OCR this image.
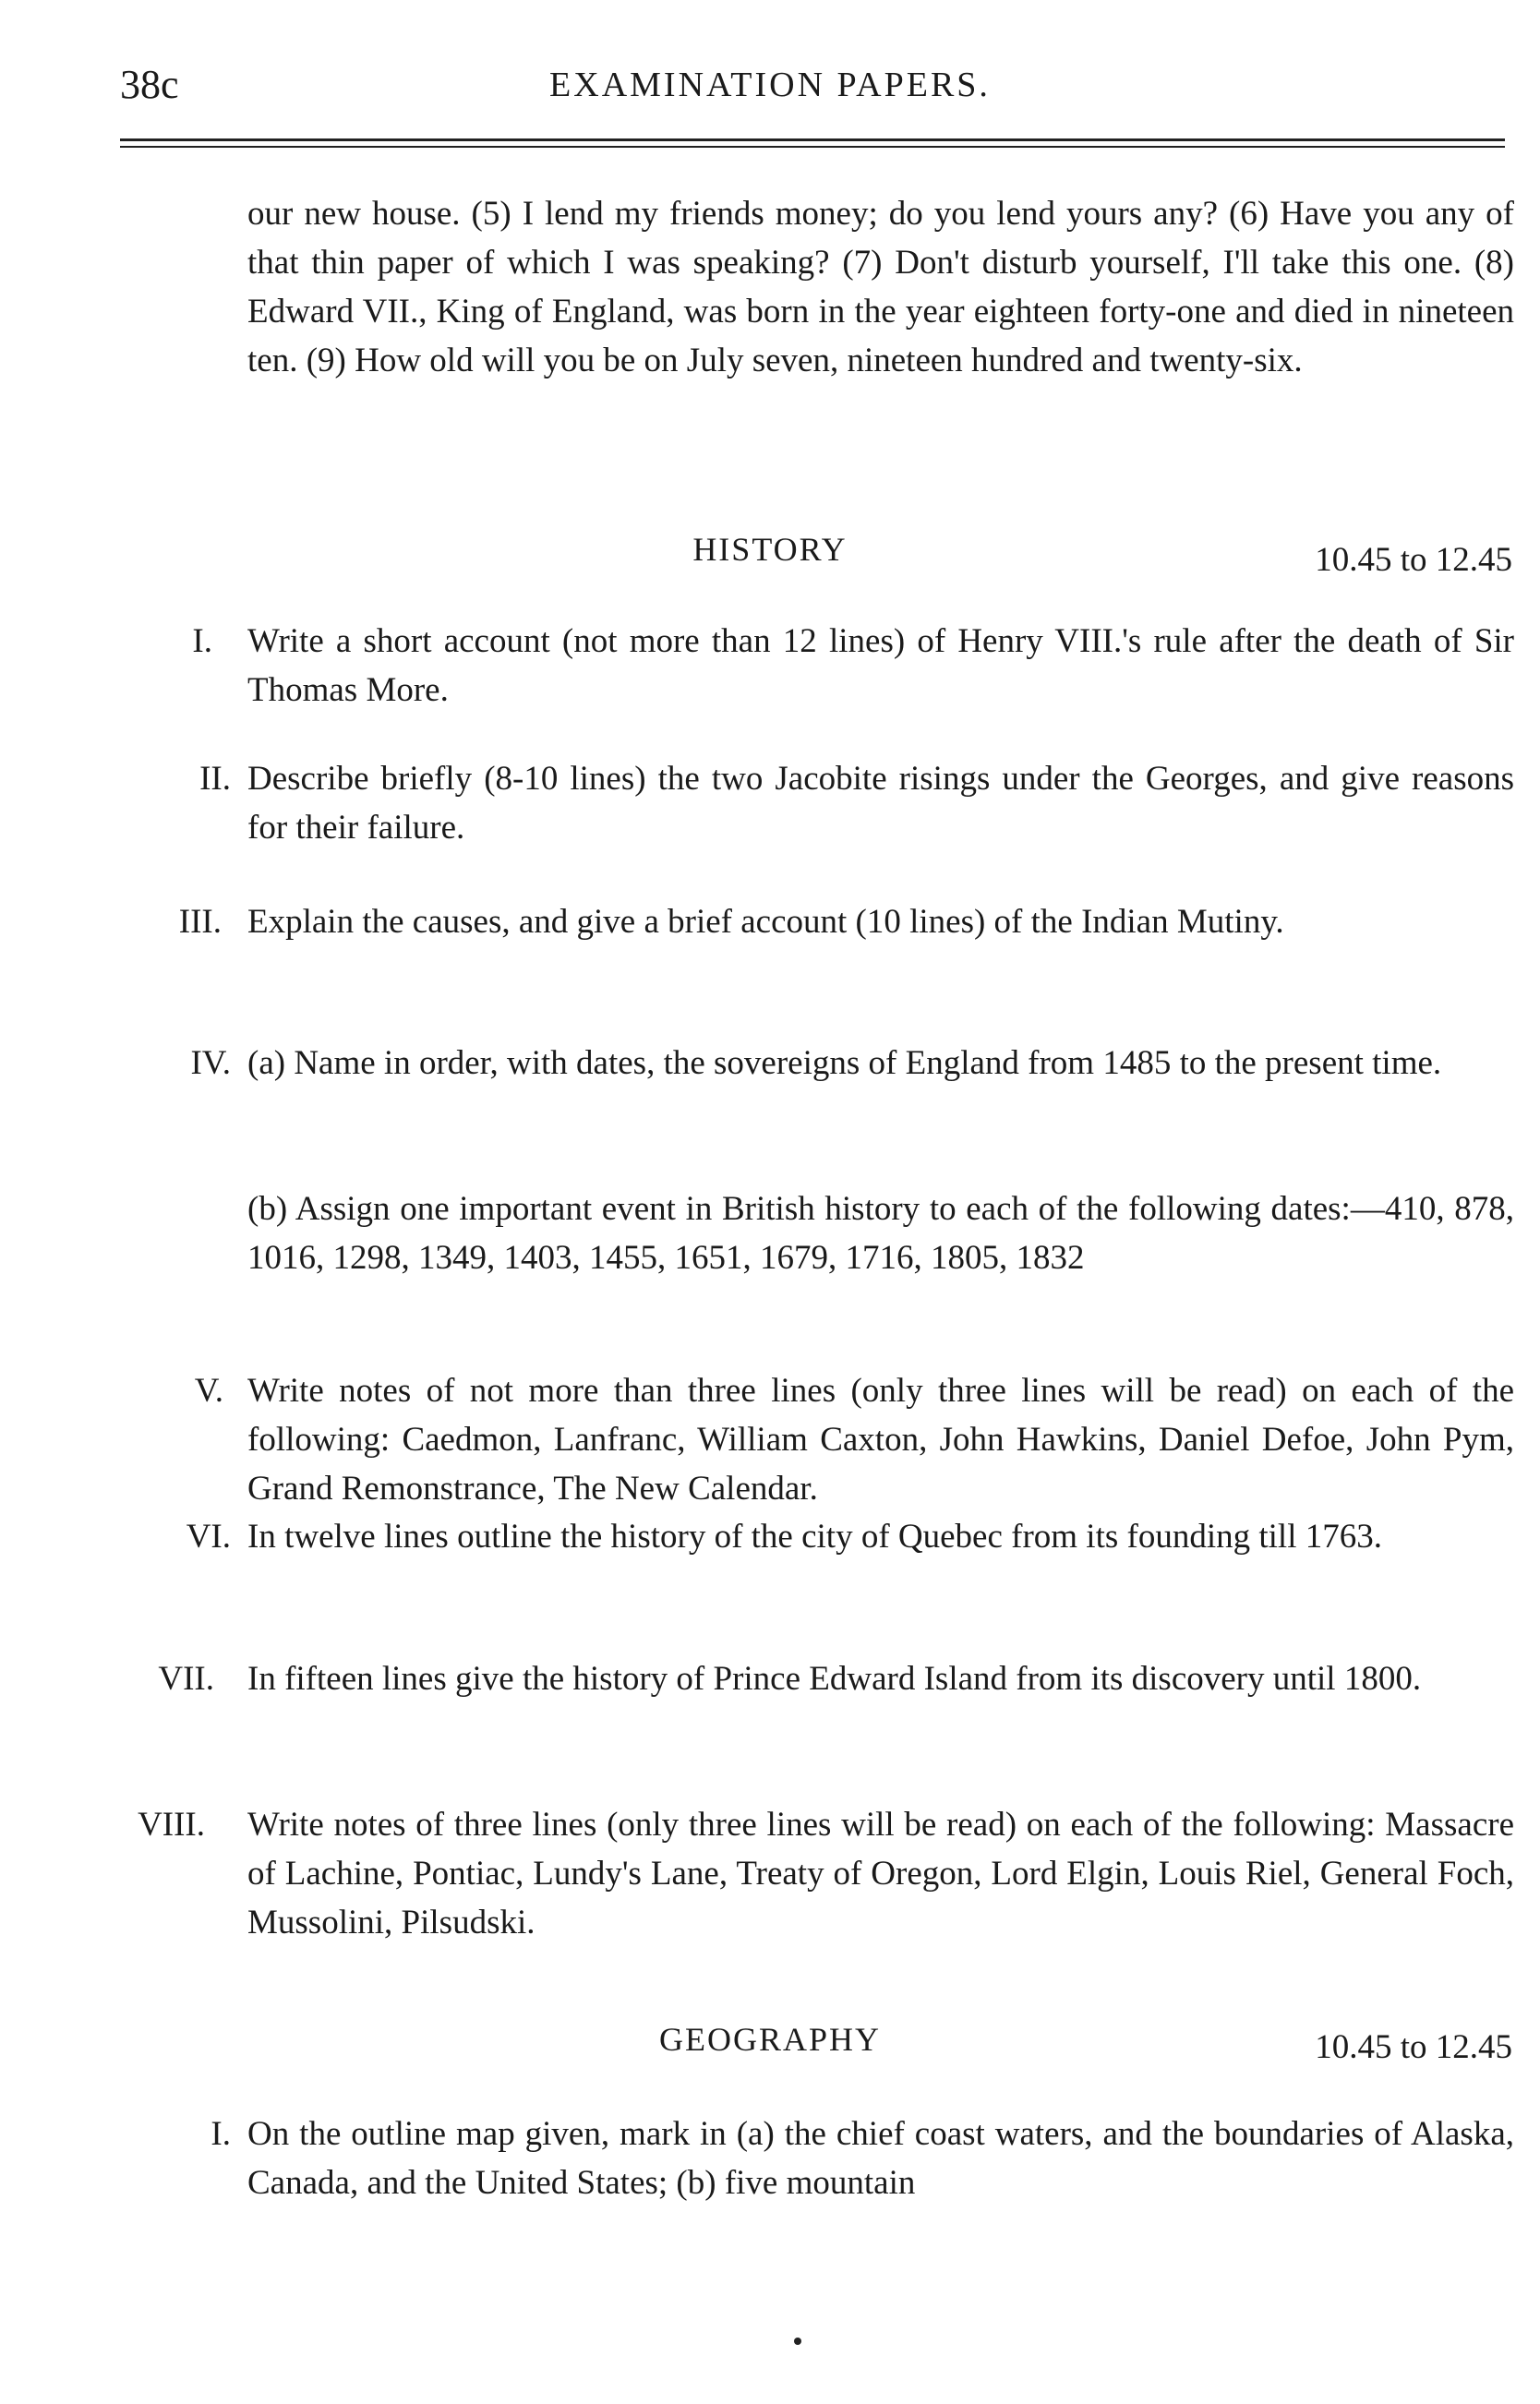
38c	EXAMINATION PAPERS.
our new house. (5) I lend my friends money; do you lend yours any? (6) Have you any of that thin paper of which I was speaking? (7) Don't disturb yourself, I'll take this one. (8) Edward VII., King of England, was born in the year eighteen forty-one and died in nineteen ten. (9) How old will you be on July seven, nineteen hundred and twenty-six.
HISTORY	10.45 to 12.45
I. Write a short account (not more than 12 lines) of Henry VIII.'s rule after the death of Sir Thomas More.
II. Describe briefly (8-10 lines) the two Jacobite risings under the Georges, and give reasons for their failure.
III. Explain the causes, and give a brief account (10 lines) of the Indian Mutiny.
IV. (a) Name in order, with dates, the sovereigns of England from 1485 to the present time.
(b) Assign one important event in British history to each of the following dates:—410, 878, 1016, 1298, 1349, 1403, 1455, 1651, 1679, 1716, 1805, 1832
V. Write notes of not more than three lines (only three lines will be read) on each of the following: Caedmon, Lanfranc, William Caxton, John Hawkins, Daniel Defoe, John Pym, Grand Remonstrance, The New Calendar.
VI. In twelve lines outline the history of the city of Quebec from its founding till 1763.
VII. In fifteen lines give the history of Prince Edward Island from its discovery until 1800.
VIII. Write notes of three lines (only three lines will be read) on each of the following: Massacre of Lachine, Pontiac, Lundy's Lane, Treaty of Oregon, Lord Elgin, Louis Riel, General Foch, Mussolini, Pilsudski.
GEOGRAPHY	10.45 to 12.45
I. On the outline map given, mark in (a) the chief coast waters, and the boundaries of Alaska, Canada, and the United States; (b) five mountain
